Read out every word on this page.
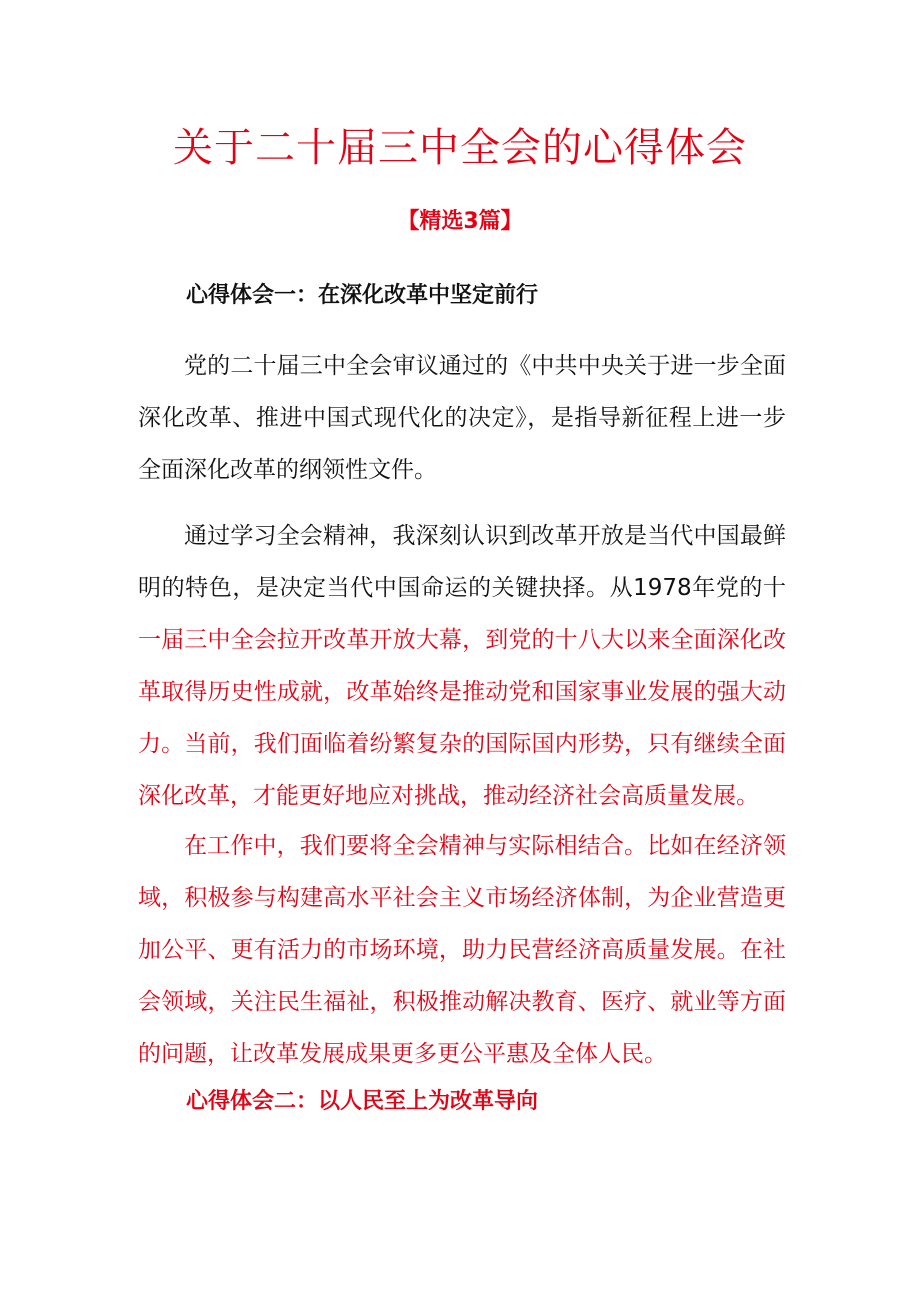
关于二十届三中全会的心得体会
【精选3篇】
心得体会一：在深化改革中坚定前行
党的二十届三中全会审议通过的《中共中央关于进一步全面深化改革、推进中国式现代化的决定》，是指导新征程上进一步全面深化改革的纲领性文件。
通过学习全会精神，我深刻认识到改革开放是当代中国最鲜明的特色，是决定当代中国命运的关键抉择。从1978年党的十一届三中全会拉开改革开放大幕，到党的十八大以来全面深化改革取得历史性成就，改革始终是推动党和国家事业发展的强大动力。当前，我们面临着纷繁复杂的国际国内形势，只有继续全面深化改革，才能更好地应对挑战，推动经济社会高质量发展。
在工作中，我们要将全会精神与实际相结合。比如在经济领域，积极参与构建高水平社会主义市场经济体制，为企业营造更加公平、更有活力的市场环境，助力民营经济高质量发展。在社会领域，关注民生福祉，积极推动解决教育、医疗、就业等方面的问题，让改革发展成果更多更公平惠及全体人民。
心得体会二：以人民至上为改革导向
